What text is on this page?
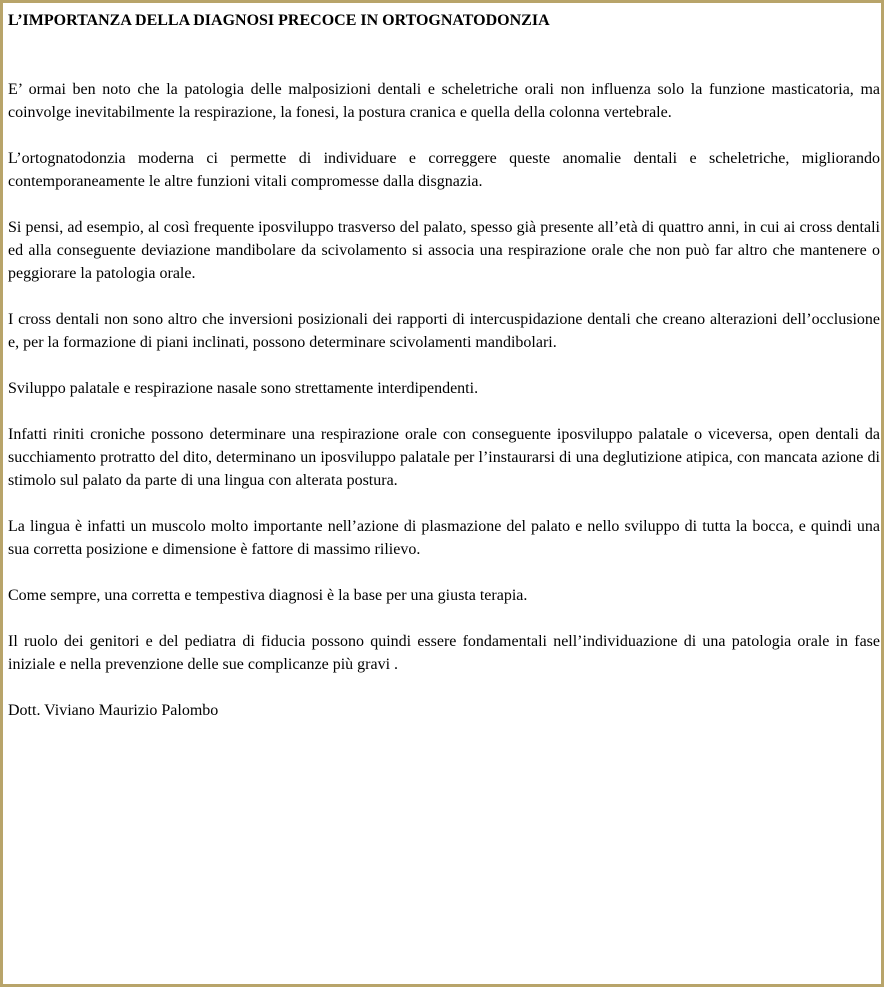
L’IMPORTANZA DELLA DIAGNOSI PRECOCE IN ORTOGNATODONZIA

E’ ormai ben noto che la patologia delle malposizioni dentali e scheletriche orali non influenza solo la funzione masticatoria, ma coinvolge inevitabilmente la respirazione, la fonesi, la postura cranica e quella della colonna vertebrale.

L’ortognatodonzia moderna ci permette di individuare e correggere queste anomalie dentali e scheletriche, migliorando contemporaneamente le altre funzioni vitali compromesse dalla disgnazia.

Si pensi, ad esempio, al così frequente iposviluppo trasverso del palato, spesso già presente all’età di quattro anni, in cui ai cross dentali ed alla conseguente deviazione mandibolare da scivolamento si associa una respirazione orale che non può far altro che mantenere o peggiorare la patologia orale.

I cross dentali non sono altro che inversioni posizionali dei rapporti di intercuspidazione dentali che creano alterazioni dell’occlusione e, per la formazione di piani inclinati, possono determinare scivolamenti mandibolari.

Sviluppo palatale e respirazione nasale sono strettamente interdipendenti.

Infatti riniti croniche possono determinare una respirazione orale con conseguente iposviluppo palatale o viceversa, open dentali da succhiamento protratto del dito, determinano un iposviluppo palatale per l’instaurarsi di una deglutizione atipica, con mancata azione di stimolo sul palato da parte di una lingua con alterata postura.

La lingua è infatti un muscolo molto importante nell’azione di plasmazione del palato e nello sviluppo di tutta la bocca, e quindi una sua corretta posizione e dimensione è fattore di massimo rilievo.

Come sempre, una corretta e tempestiva diagnosi è la base per una giusta terapia.

Il ruolo dei genitori e del pediatra di fiducia possono quindi essere fondamentali nell’individuazione di una patologia orale in fase iniziale e nella prevenzione delle sue complicanze più gravi .

Dott. Viviano Maurizio Palombo
